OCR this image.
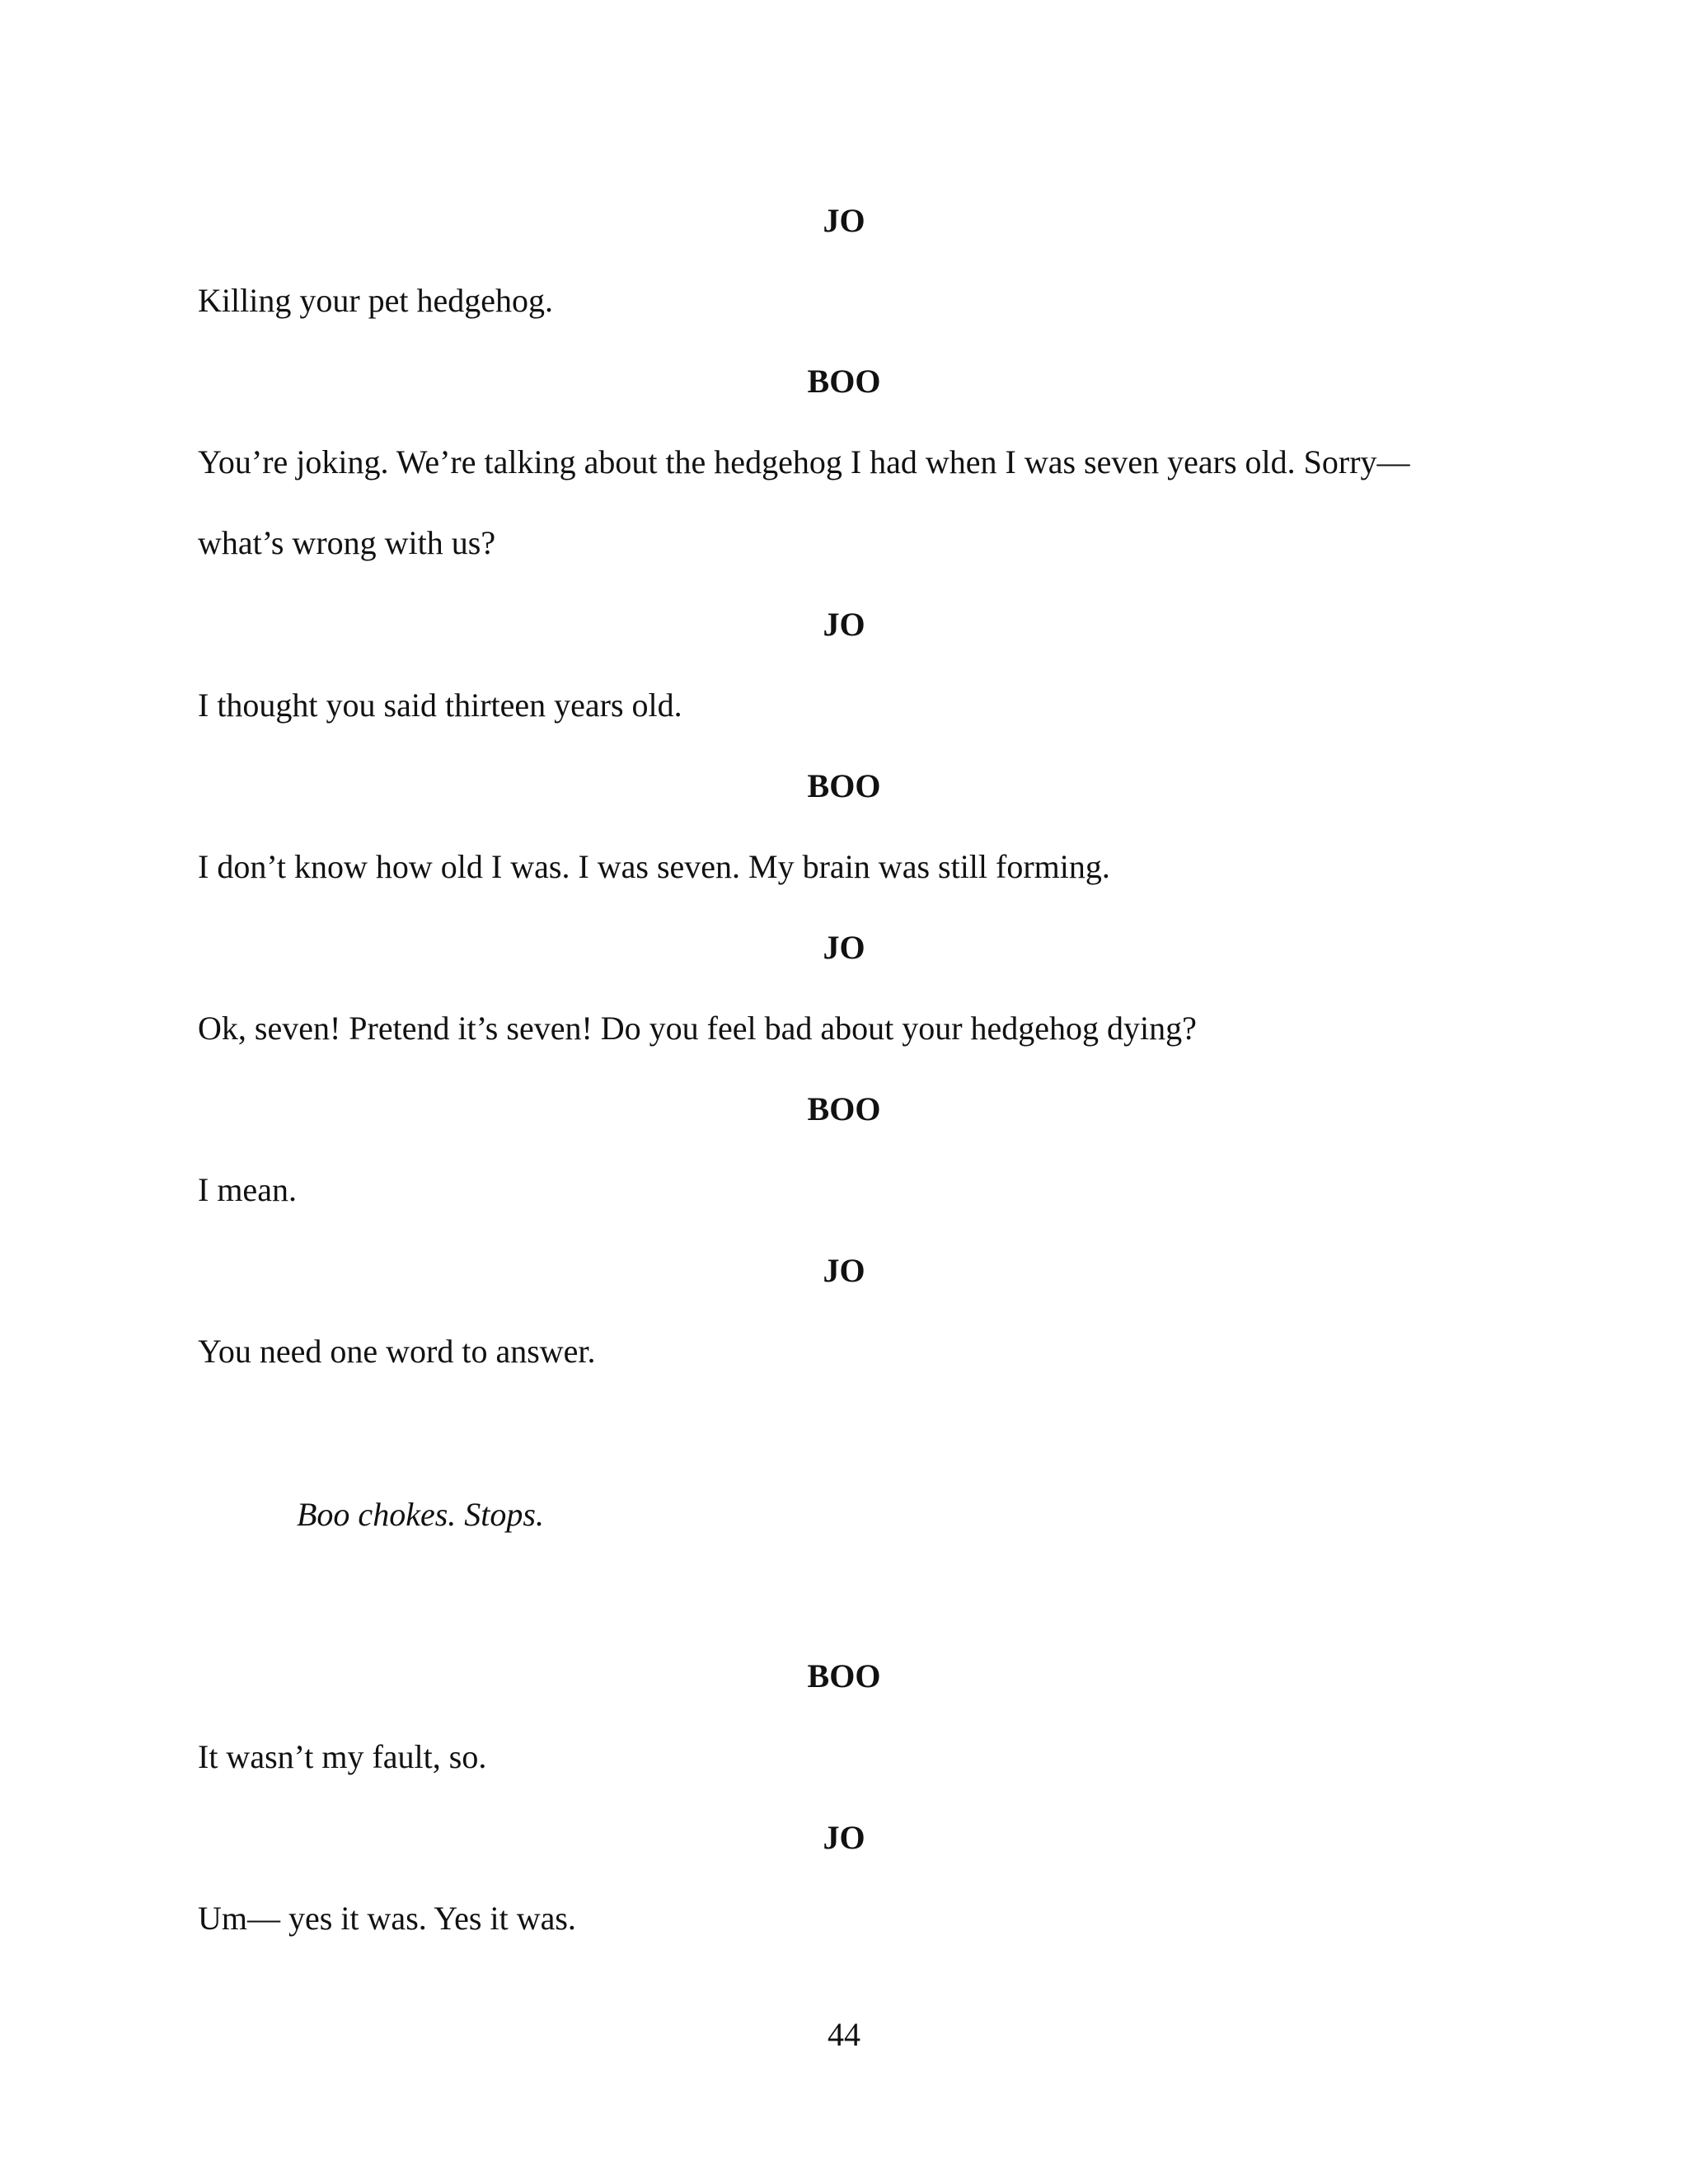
JO
Killing your pet hedgehog.
BOO
You’re joking. We’re talking about the hedgehog I had when I was seven years old. Sorry—
what’s wrong with us?
JO
I thought you said thirteen years old.
BOO
I don’t know how old I was. I was seven. My brain was still forming.
JO
Ok, seven! Pretend it’s seven! Do you feel bad about your hedgehog dying?
BOO
I mean.
JO
You need one word to answer.
Boo chokes. Stops.
BOO
It wasn’t my fault, so.
JO
Um— yes it was. Yes it was.
44
